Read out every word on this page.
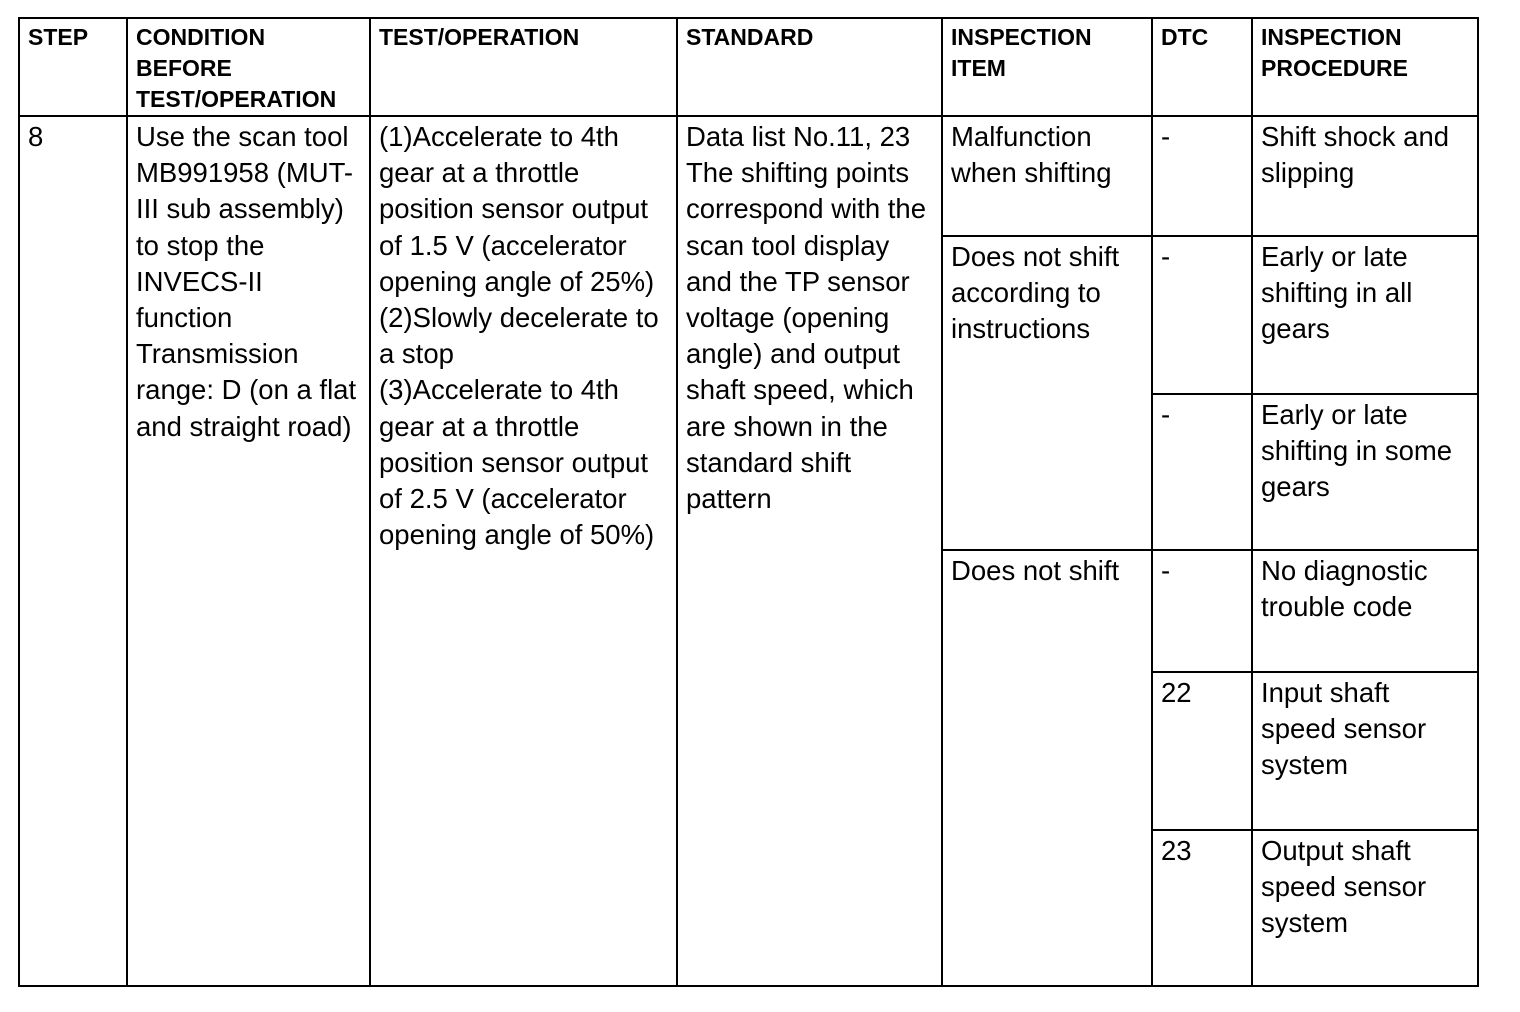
STEP	CONDITION BEFORE TEST/OPERATION	TEST/OPERATION	STANDARD	INSPECTION ITEM	DTC	INSPECTION PROCEDURE
8	Use the scan tool MB991958 (MUT-III sub assembly) to stop the INVECS-II function Transmission range: D (on a flat and straight road)	(1)Accelerate to 4th gear at a throttle position sensor output of 1.5 V (accelerator opening angle of 25%)
(2)Slowly decelerate to a stop
(3)Accelerate to 4th gear at a throttle position sensor output of 2.5 V (accelerator opening angle of 50%)	Data list No.11, 23
The shifting points correspond with the scan tool display and the TP sensor voltage (opening angle) and output shaft speed, which are shown in the standard shift pattern	Malfunction when shifting	-	Shift shock and slipping
				Does not shift according to instructions	-	Early or late shifting in all gears
					-	Early or late shifting in some gears
				Does not shift	-	No diagnostic trouble code
					22	Input shaft speed sensor system
					23	Output shaft speed sensor system
